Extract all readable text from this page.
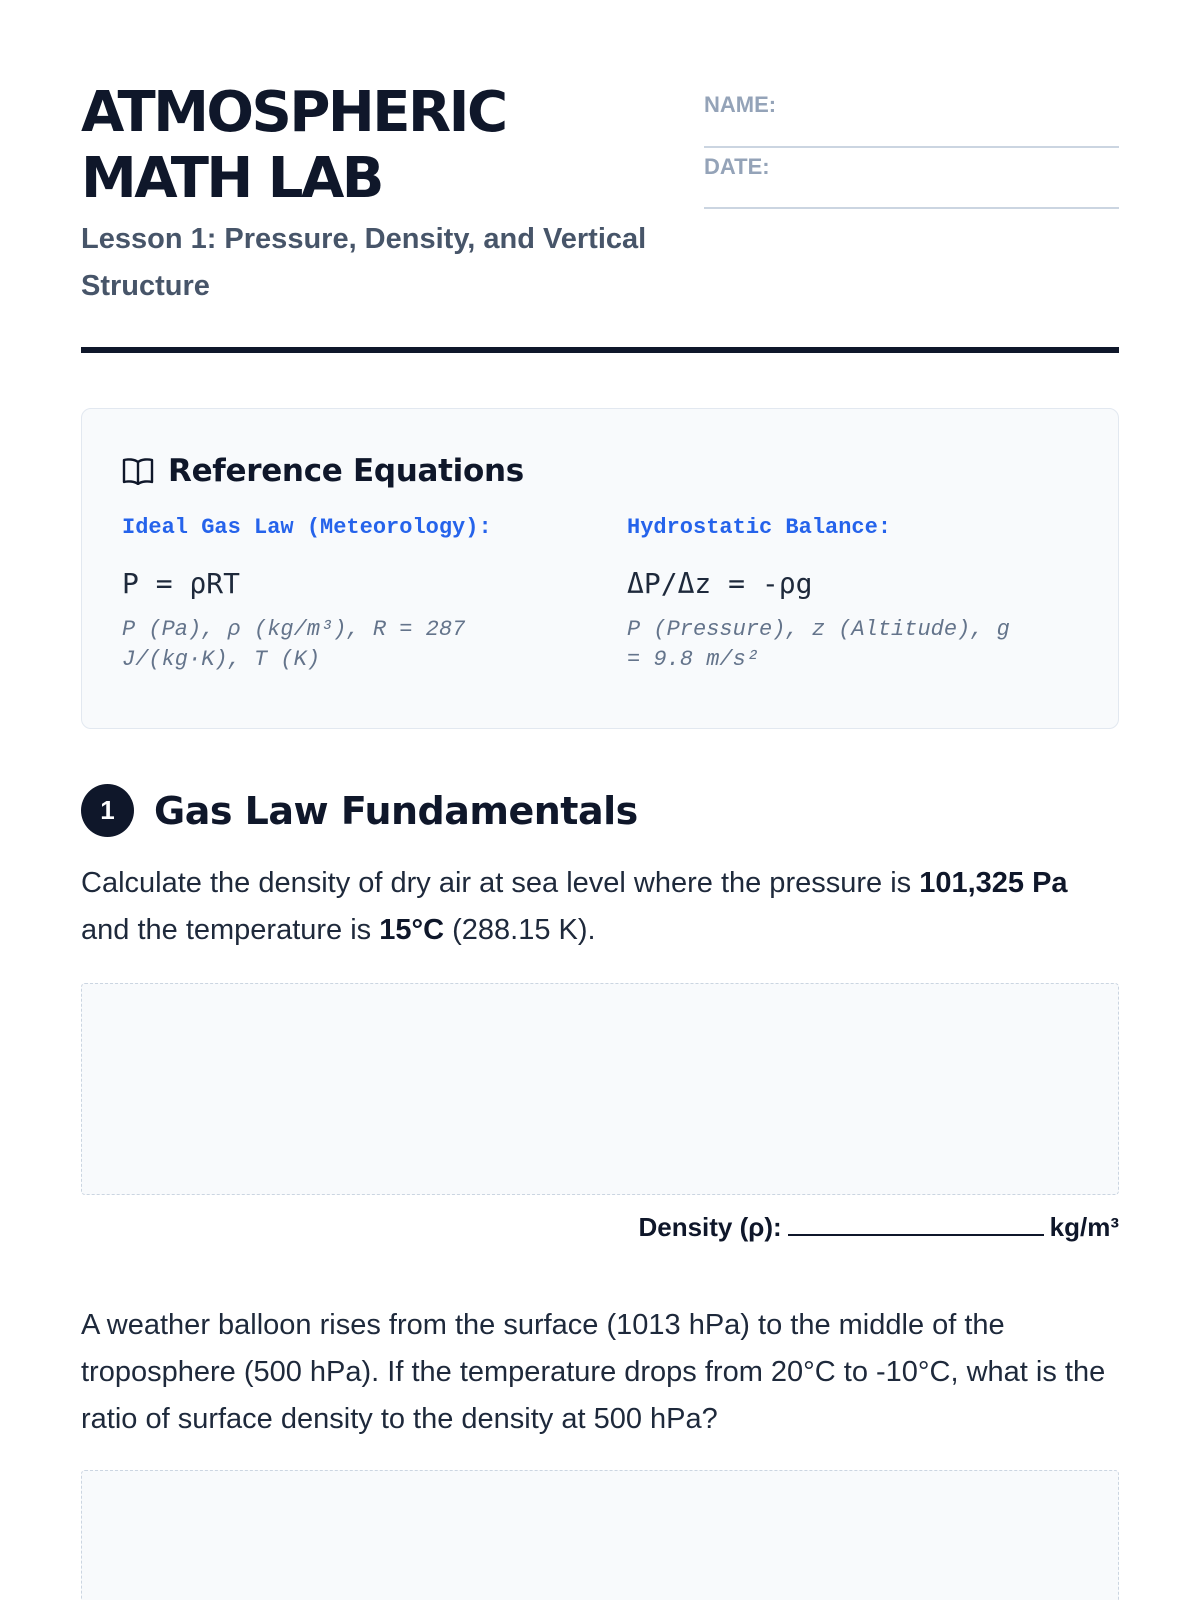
ATMOSPHERIC
MATH LAB
Lesson 1: Pressure, Density, and Vertical Structure
NAME:
DATE:
Reference Equations
Ideal Gas Law (Meteorology):
P = ρRT
P (Pa), ρ (kg/m³), R = 287 J/(kg·K), T (K)
Hydrostatic Balance:
ΔP/Δz = -ρg
P (Pressure), z (Altitude), g = 9.8 m/s²
1	Gas Law Fundamentals

Calculate the density of dry air at sea level where the pressure is 101,325 Pa and the temperature is 15°C (288.15 K).

Density (ρ):	kg/m³

A weather balloon rises from the surface (1013 hPa) to the middle of the troposphere (500 hPa). If the temperature drops from 20°C to -10°C, what is the ratio of surface density to the density at 500 hPa?
